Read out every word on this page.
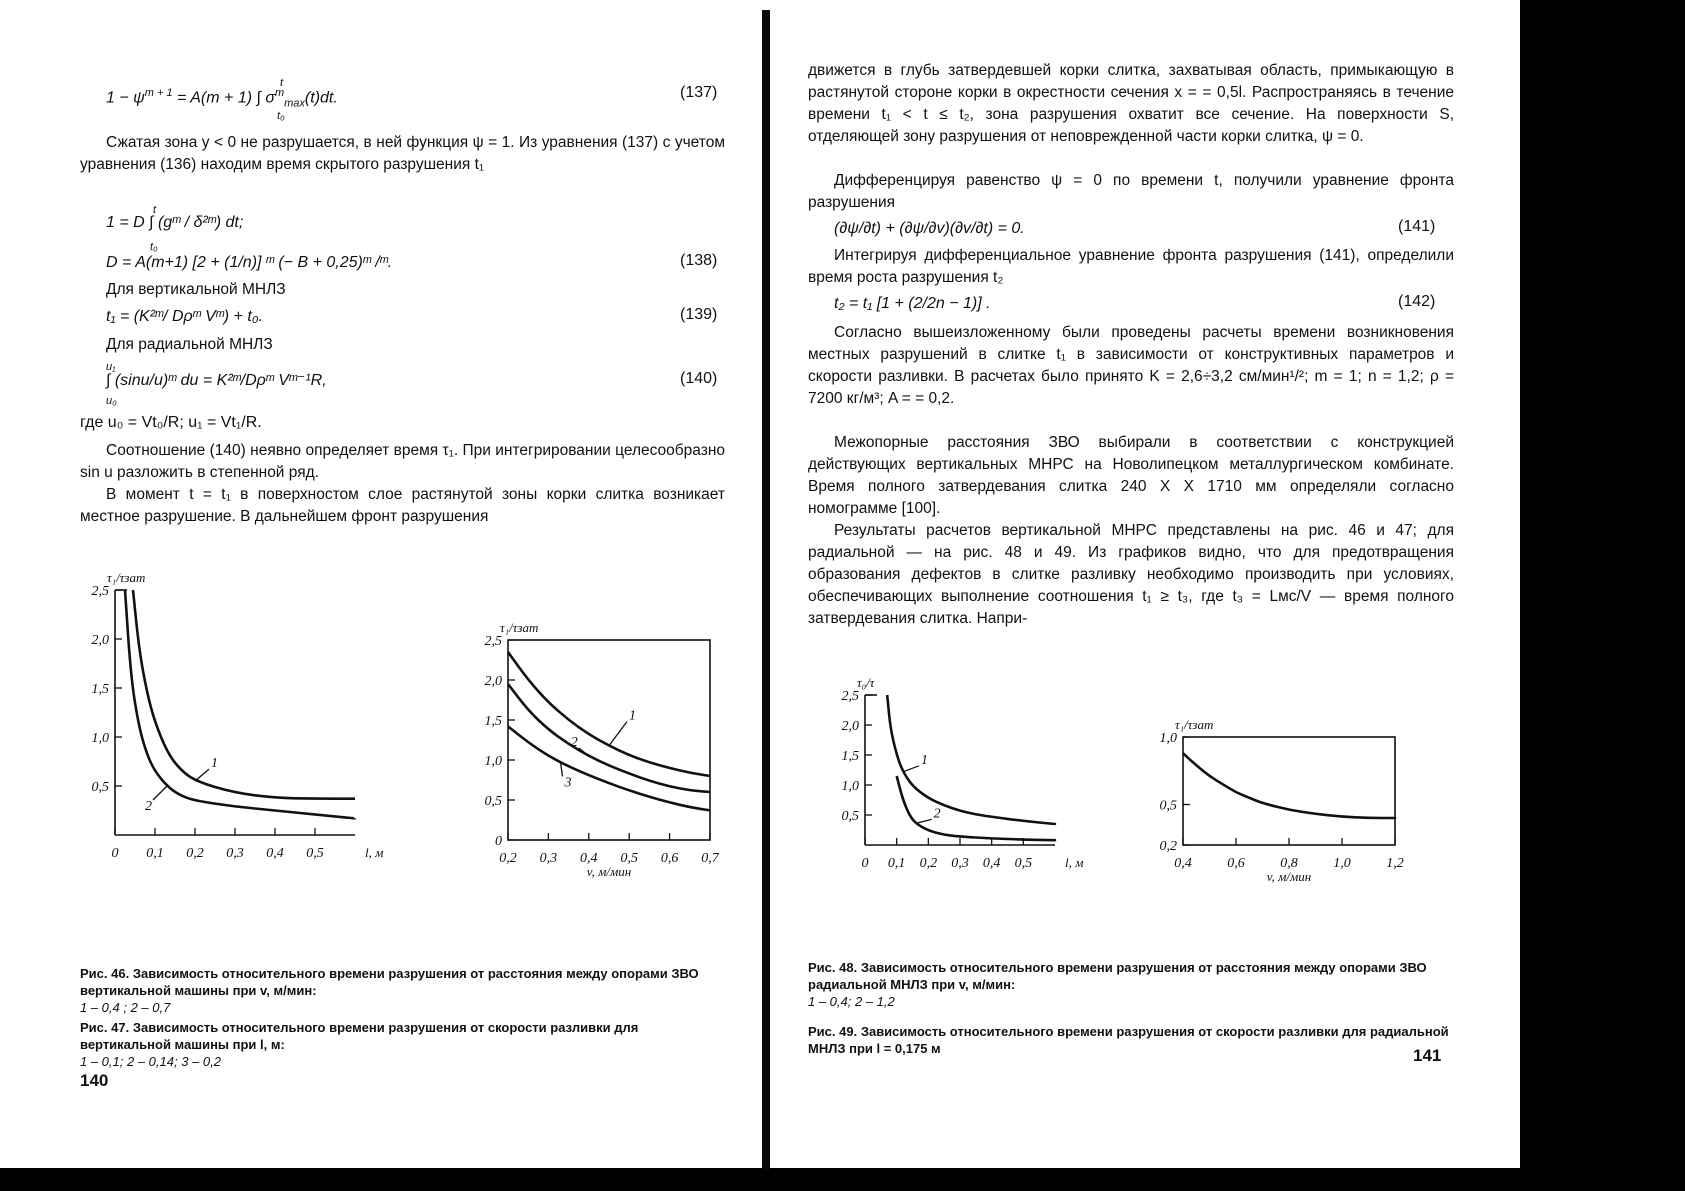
$1 - \psi^{m + 1} = A(m + 1)$ ∫ $\sigma^m_{max}(t)dt$.
t
t₀
(137)

Сжатая зона y < 0 не разрушается, в ней функция ψ = 1. Из уравнения (137) с учетом уравнения (136) находим время скрытого разрушения t₁

1 = D ∫ (gᵐ / δ²ᵐ) dt;
t
t₀
D = A(m+1) [2 + (1/n)] ᵐ (− B + 0,25)ᵐ /ᵐ.	(138)
Для вертикальной МНЛЗ
t₁ = (K²ᵐ/ Dρᵐ Vᵐ) + t₀.	(139)
Для радиальной МНЛЗ
∫ (sinu/u)ᵐ du = K²ᵐ/Dρᵐ Vᵐ⁻¹R,
u₁
u₀
(140)
где u₀ = Vt₀/R; u₁ = Vt₁/R.

Соотношение (140) неявно определяет время τ₁. При интегрировании целесообразно sin u разложить в степенной ряд.

В момент t = t₁ в поверхностом слое растянутой зоны корки слитка возникает местное разрушение. В дальнейшем фронт разрушения

Рис. 46. Зависимость относительного времени разрушения от расстояния между опорами ЗВО вертикальной машины при v, м/мин:
1 – 0,4 ; 2 – 0,7

Рис. 47. Зависимость относительного времени разрушения от скорости разливки для вертикальной машины при l, м:
1 – 0,1; 2 – 0,14; 3 – 0,2

140

движется в глубь затвердевшей корки слитка, захватывая область, примыкающую в растянутой стороне корки в окрестности сечения x = = 0,5l. Распространяясь в течение времени t₁ < t ≤ t₂, зона разрушения охватит все сечение. На поверхности S, отделяющей зону разрушения от неповрежденной части корки слитка, ψ = 0.

Дифференцируя равенство ψ = 0 по времени t, получили уравнение фронта разрушения

(∂ψ/∂t) + (∂ψ/∂v)(∂v/∂t) = 0.	(141)

Интегрируя дифференциальное уравнение фронта разрушения (141), определили время роста разрушения t₂

t₂ = t₁ [1 + (2/2n − 1)] .	(142)

Согласно вышеизложенному были проведены расчеты времени возникновения местных разрушений в слитке t₁ в зависимости от конструктивных параметров и скорости разливки. В расчетах было принято K = 2,6÷3,2 см/мин¹/²; m = 1; n = 1,2; ρ = 7200 кг/м³; A = = 0,2.

Межопорные расстояния ЗВО выбирали в соответствии с конструкцией действующих вертикальных МНРС на Новолипецком металлургическом комбинате. Время полного затвердевания слитка 240 X X 1710 мм определяли согласно номограмме [100].

Результаты расчетов вертикальной МНРС представлены на рис. 46 и 47; для радиальной — на рис. 48 и 49. Из графиков видно, что для предотвращения образования дефектов в слитке разливку необходимо производить при условиях, обеспечивающих выполнение соотношения t₁ ≥ t₃, где t₃ = Lмс/V — время полного затвердевания слитка. Напри-

Рис. 48. Зависимость относительного времени разрушения от расстояния между опорами ЗВО радиальной МНЛЗ при v, м/мин:
1 – 0,4; 2 – 1,2

Рис. 49. Зависимость относительного времени разрушения от скорости разливки для радиальной МНЛЗ при l = 0,175 м	141
0,5
1,0
1,5
2,0
2,5
0 0,1 0,2 0,3 0,4 0,5
τ₁/τзат
l, м
1
2
0
0,5
1,0
1,5
2,0
2,5
0,2 0,3 0,4 0,5 0,6 0,7
τ₁/τзат
v, м/мин
1
2
3
0,5
1,0
1,5
2,0
2,5
0 0,1 0,2 0,3 0,4 0,5
τ₀/τ
l, м
1
2
0,2
0,5
1,0
0,4	0,6	0,8	1,0	1,2
τ₁/τзат
v, м/мин
